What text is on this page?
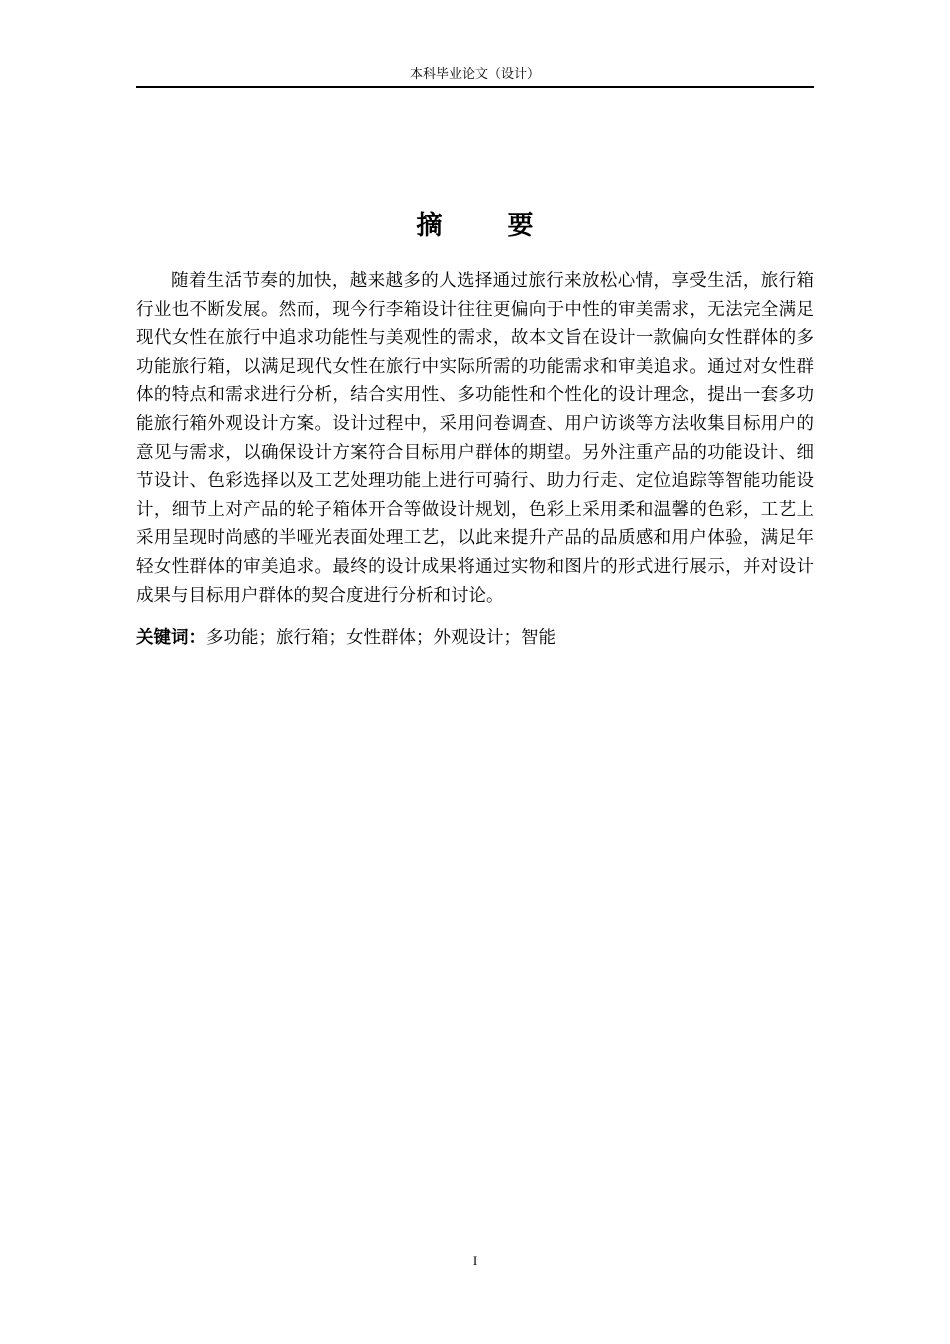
本科毕业论文（设计）
摘 要

随着生活节奏的加快，越来越多的人选择通过旅行来放松心情，享受生活，旅行箱行业也不断发展。然而，现今行李箱设计往往更偏向于中性的审美需求，无法完全满足现代女性在旅行中追求功能性与美观性的需求，故本文旨在设计一款偏向女性群体的多功能旅行箱，以满足现代女性在旅行中实际所需的功能需求和审美追求。通过对女性群体的特点和需求进行分析，结合实用性、多功能性和个性化的设计理念，提出一套多功能旅行箱外观设计方案。设计过程中，采用问卷调查、用户访谈等方法收集目标用户的意见与需求，以确保设计方案符合目标用户群体的期望。另外注重产品的功能设计、细节设计、色彩选择以及工艺处理功能上进行可骑行、助力行走、定位追踪等智能功能设计，细节上对产品的轮子箱体开合等做设计规划，色彩上采用柔和温馨的色彩，工艺上采用呈现时尚感的半哑光表面处理工艺，以此来提升产品的品质感和用户体验，满足年轻女性群体的审美追求。最终的设计成果将通过实物和图片的形式进行展示，并对设计成果与目标用户群体的契合度进行分析和讨论。

关键词：多功能；旅行箱；女性群体；外观设计；智能

I
